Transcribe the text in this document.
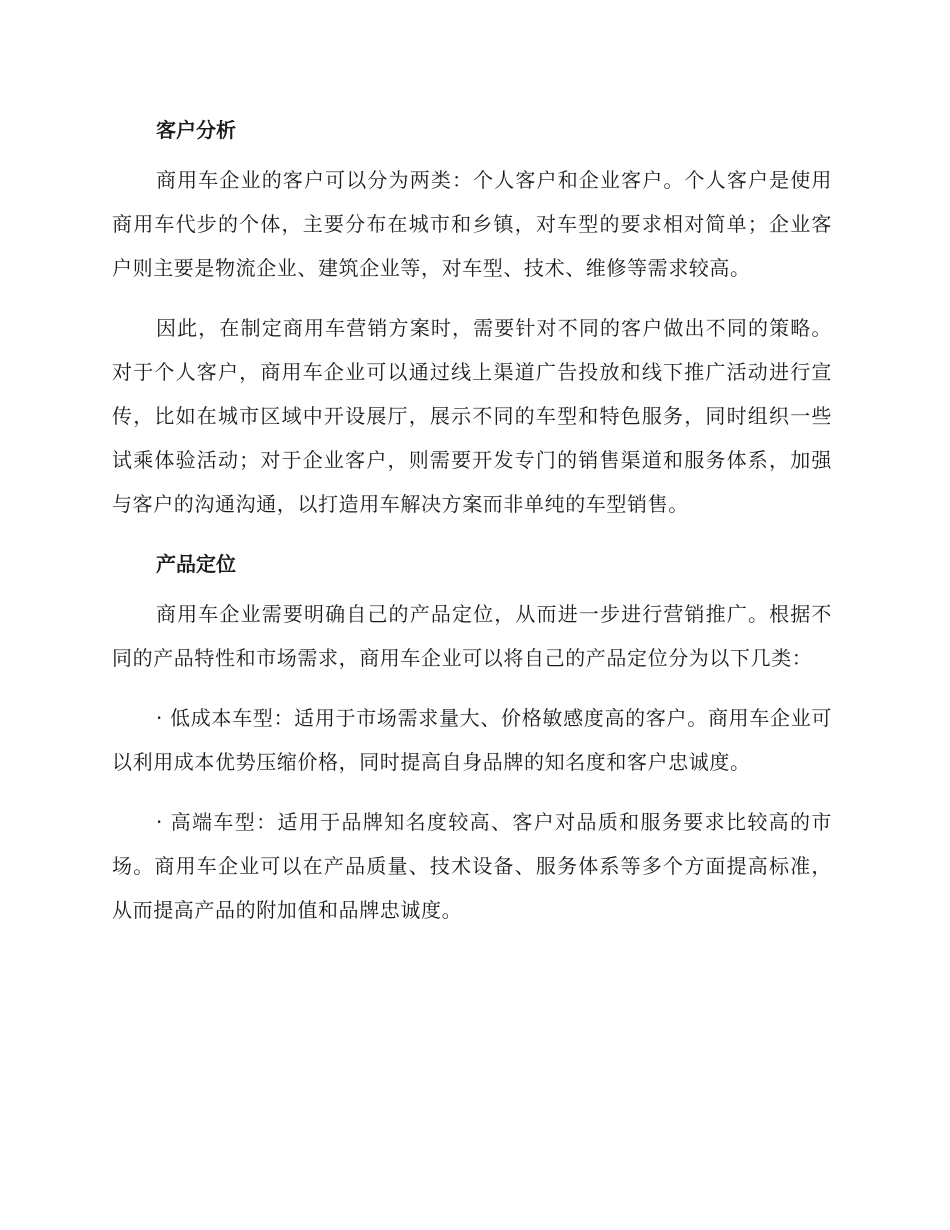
客户分析

商用车企业的客户可以分为两类：个人客户和企业客户。个人客户是使用商用车代步的个体，主要分布在城市和乡镇，对车型的要求相对简单；企业客户则主要是物流企业、建筑企业等，对车型、技术、维修等需求较高。

因此，在制定商用车营销方案时，需要针对不同的客户做出不同的策略。对于个人客户，商用车企业可以通过线上渠道广告投放和线下推广活动进行宣传，比如在城市区域中开设展厅，展示不同的车型和特色服务，同时组织一些试乘体验活动；对于企业客户，则需要开发专门的销售渠道和服务体系，加强与客户的沟通沟通，以打造用车解决方案而非单纯的车型销售。

产品定位

商用车企业需要明确自己的产品定位，从而进一步进行营销推广。根据不同的产品特性和市场需求，商用车企业可以将自己的产品定位分为以下几类：

· 低成本车型：适用于市场需求量大、价格敏感度高的客户。商用车企业可以利用成本优势压缩价格，同时提高自身品牌的知名度和客户忠诚度。

· 高端车型：适用于品牌知名度较高、客户对品质和服务要求比较高的市场。商用车企业可以在产品质量、技术设备、服务体系等多个方面提高标准，从而提高产品的附加值和品牌忠诚度。
